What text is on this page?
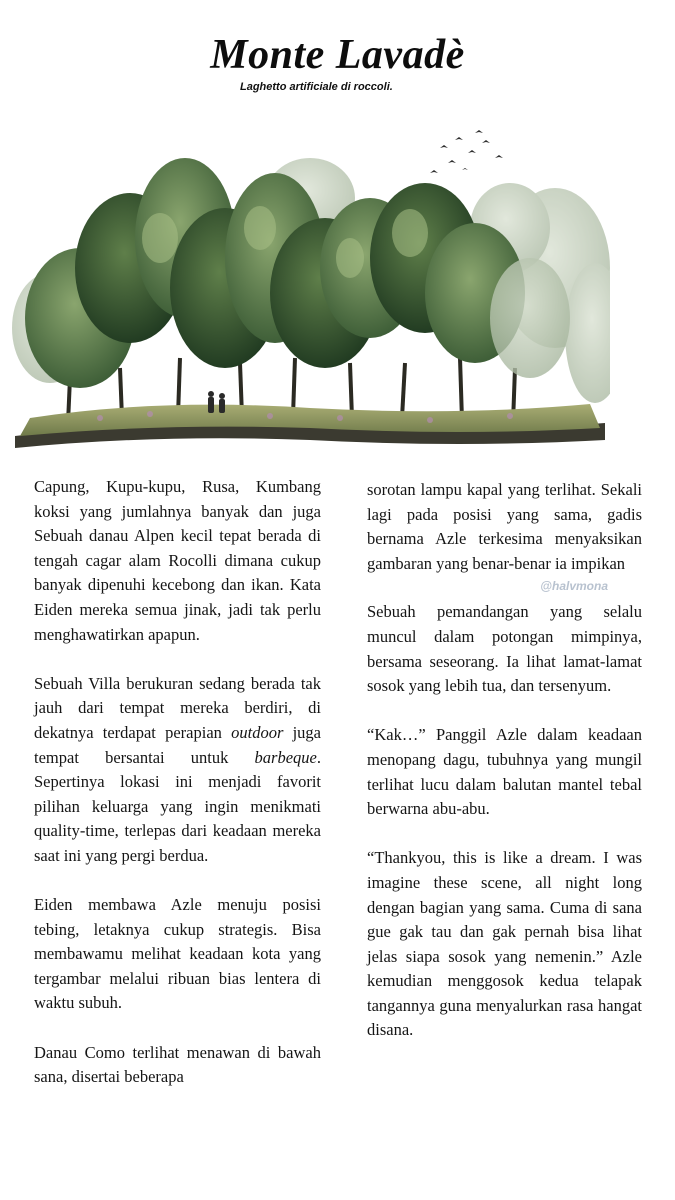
Monte Lavadè
Laghetto artificiale di roccoli.

Capung, Kupu-kupu, Rusa, Kumbang koksi yang jumlahnya banyak dan juga Sebuah danau Alpen kecil tepat berada di tengah cagar alam Rocolli dimana cukup banyak dipenuhi kecebong dan ikan. Kata Eiden mereka semua jinak, jadi tak perlu menghawatirkan apapun.

Sebuah Villa berukuran sedang berada tak jauh dari tempat mereka berdiri, di dekatnya terdapat perapian outdoor juga tempat bersantai untuk barbeque. Sepertinya lokasi ini menjadi favorit pilihan keluarga yang ingin menikmati quality-time, terlepas dari keadaan mereka saat ini yang pergi berdua.

Eiden membawa Azle menuju posisi tebing, letaknya cukup strategis. Bisa membawamu melihat keadaan kota yang tergambar melalui ribuan bias lentera di waktu subuh.

Danau Como terlihat menawan di bawah sana, disertai beberapa

sorotan lampu kapal yang terlihat. Sekali lagi pada posisi yang sama, gadis bernama Azle terkesima menyaksikan gambaran yang benar-benar ia impikan

@halvmona

Sebuah pemandangan yang selalu muncul dalam potongan mimpinya, bersama seseorang. Ia lihat lamat-lamat sosok yang lebih tua, dan tersenyum.

“Kak…” Panggil Azle dalam keadaan menopang dagu, tubuhnya yang mungil terlihat lucu dalam balutan mantel tebal berwarna abu-abu.

“Thankyou, this is like a dream. I was imagine these scene, all night long dengan bagian yang sama. Cuma di sana gue gak tau dan gak pernah bisa lihat jelas siapa sosok yang nemenin.” Azle kemudian menggosok kedua telapak tangannya guna menyalurkan rasa hangat disana.
